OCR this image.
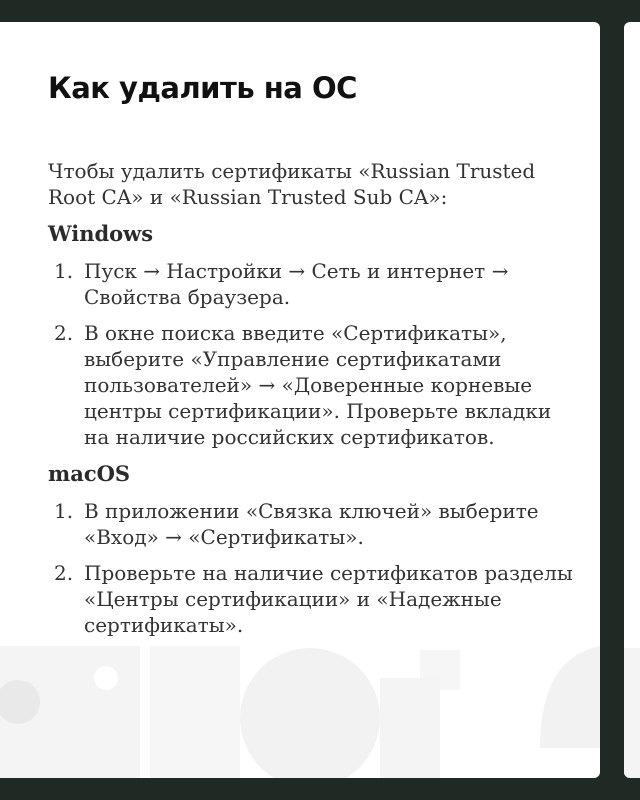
Как удалить на ОС

Чтобы удалить сертификаты «Russian Trusted Root CA» и «Russian Trusted Sub CA»:

Windows
1. Пуск → Настройки → Сеть и интернет → Свойства браузера.
2. В окне поиска введите «Сертификаты», выберите «Управление сертификатами пользователей» → «Доверенные корневые центры сертификации». Проверьте вкладки на наличие российских сертификатов.
macOS
1. В приложении «Связка ключей» выберите «Вход» → «Сертификаты».
2. Проверьте на наличие сертификатов разделы «Центры сертификации» и «Надежные сертификаты».
